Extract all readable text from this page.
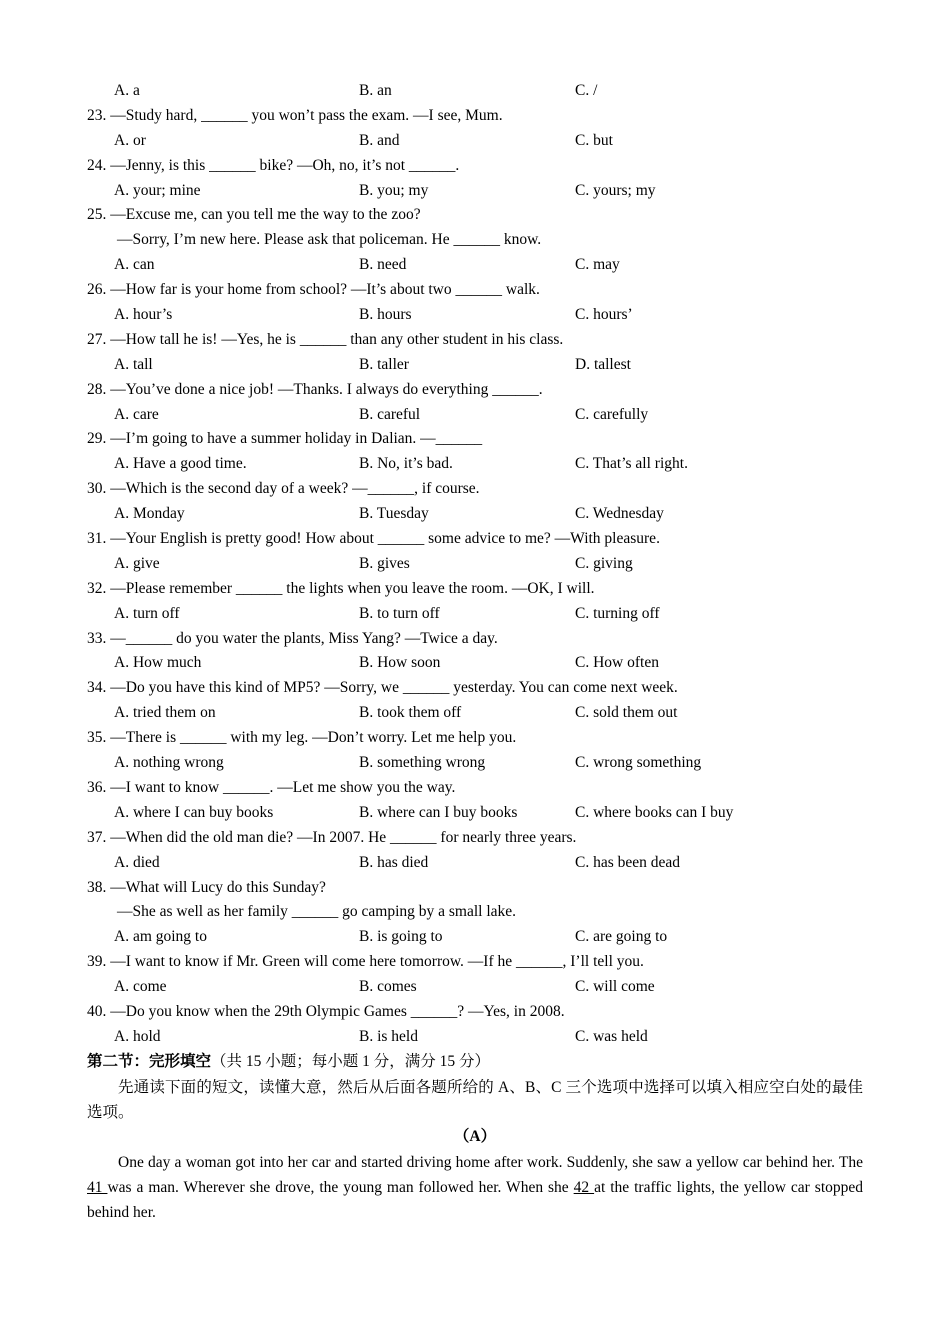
A. a	B. an	C. /
23. —Study hard, ______ you won’t pass the exam. —I see, Mum.
A. or	B. and	C. but
24. —Jenny, is this ______ bike? —Oh, no, it’s not ______.
A. your; mine	B. you; my	C. yours; my
25. —Excuse me, can you tell me the way to the zoo?
—Sorry, I’m new here. Please ask that policeman. He ______ know.
A. can	B. need	C. may
26. —How far is your home from school? —It’s about two ______ walk.
A. hour’s	B. hours	C. hours’
27. —How tall he is! —Yes, he is ______ than any other student in his class.
A. tall	B. taller	D. tallest
28. —You’ve done a nice job! —Thanks. I always do everything ______.
A. care	B. careful	C. carefully
29. —I’m going to have a summer holiday in Dalian. —______
A. Have a good time.	B. No, it’s bad.	C. That’s all right.
30. —Which is the second day of a week? —______, if course.
A. Monday	B. Tuesday	C. Wednesday
31. —Your English is pretty good! How about ______ some advice to me? —With pleasure.
A. give	B. gives	C. giving
32. —Please remember ______ the lights when you leave the room. —OK, I will.
A. turn off	B. to turn off	C. turning off
33. —______ do you water the plants, Miss Yang? —Twice a day.
A. How much	B. How soon	C. How often
34. —Do you have this kind of MP5? —Sorry, we ______ yesterday. You can come next week.
A. tried them on	B. took them off	C. sold them out
35. —There is ______ with my leg. —Don’t worry. Let me help you.
A. nothing wrong	B. something wrong	C. wrong something
36. —I want to know ______. —Let me show you the way.
A. where I can buy books	B. where can I buy books	C. where books can I buy
37. —When did the old man die? —In 2007. He ______ for nearly three years.
A. died	B. has died	C. has been dead
38. —What will Lucy do this Sunday?
—She as well as her family ______ go camping by a small lake.
A. am going to	B. is going to	C. are going to
39. —I want to know if Mr. Green will come here tomorrow. —If he ______, I’ll tell you.
A. come	B. comes	C. will come
40. —Do you know when the 29th Olympic Games ______? —Yes, in 2008.
A. hold	B. is held	C. was held
第二节：完形填空（共 15 小题；每小题 1 分，满分 15 分）

先通读下面的短文，读懂大意，然后从后面各题所给的 A、B、C 三个选项中选择可以填入相应空白处的最佳选项。

（A）

One day a woman got into her car and started driving home after work. Suddenly, she saw a yellow car behind her. The 41 was a man. Wherever she drove, the young man followed her. When she 42 at the traffic lights, the yellow car stopped behind her.
